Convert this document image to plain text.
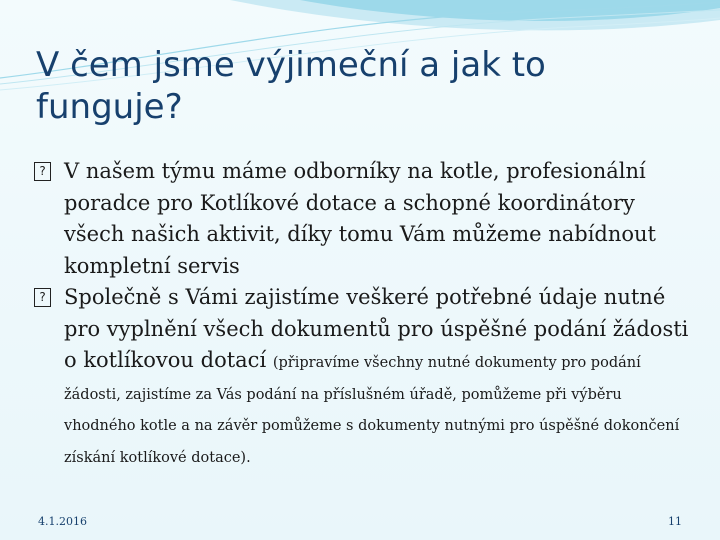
V čem jsme výjimeční a jak to funguje?

? V našem týmu máme odborníky na kotle, profesionální poradce pro Kotlíkové dotace a schopné koordinátory všech našich aktivit, díky tomu Vám můžeme nabídnout kompletní servis

? Společně s Vámi zajistíme veškeré potřebné údaje nutné pro vyplnění všech dokumentů pro úspěšné podání žádosti o kotlíkovou dotací (připravíme všechny nutné dokumenty pro podání žádosti, zajistíme za Vás podání na příslušném úřadě, pomůžeme při výběru vhodného kotle a na závěr pomůžeme s dokumenty nutnými pro úspěšné dokončení získání kotlíkové dotace).

4.1.2016	11
